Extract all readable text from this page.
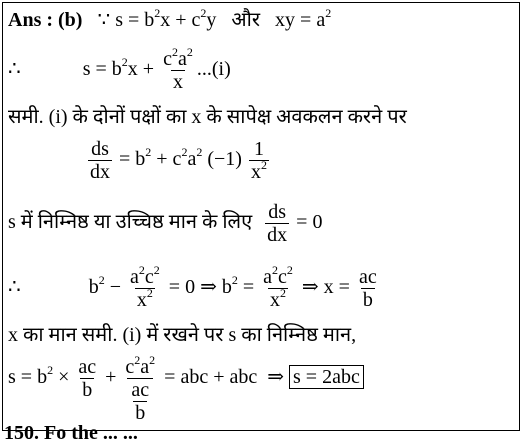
Ans : (b) ∵ $s = b^2x + c^2y$ और xy = $a^2$
∴	$s = b^2x + \frac{c^2a^2}{x} ...(i)$
समी. (i) के दोनों पक्षों का x के सापेक्ष अवकलन करने पर
$\frac{ds}{dx} = b^2 + c^2a^2$ $(-1) \frac{1}{x^2}$
s में निम्निष्ठ या उच्चिष्ठ मान के लिए $\frac{ds}{dx} = 0$
∴	$b^2 - \frac{a^2c^2}{x^2} = 0$ ⇒ $b^2 = \frac{a^2c^2}{x^2}$ ⇒ $x = \frac{ac}{b}$
x का मान समी. (i) में रखने पर s का निम्निष्ठ मान,
$s = b^2 \times \frac{ac}{b} + \frac{c^2a^2}{\frac{ac}{b}}$ = abc + abc ⇒ s = 2abc
150. Fo the ... ...
